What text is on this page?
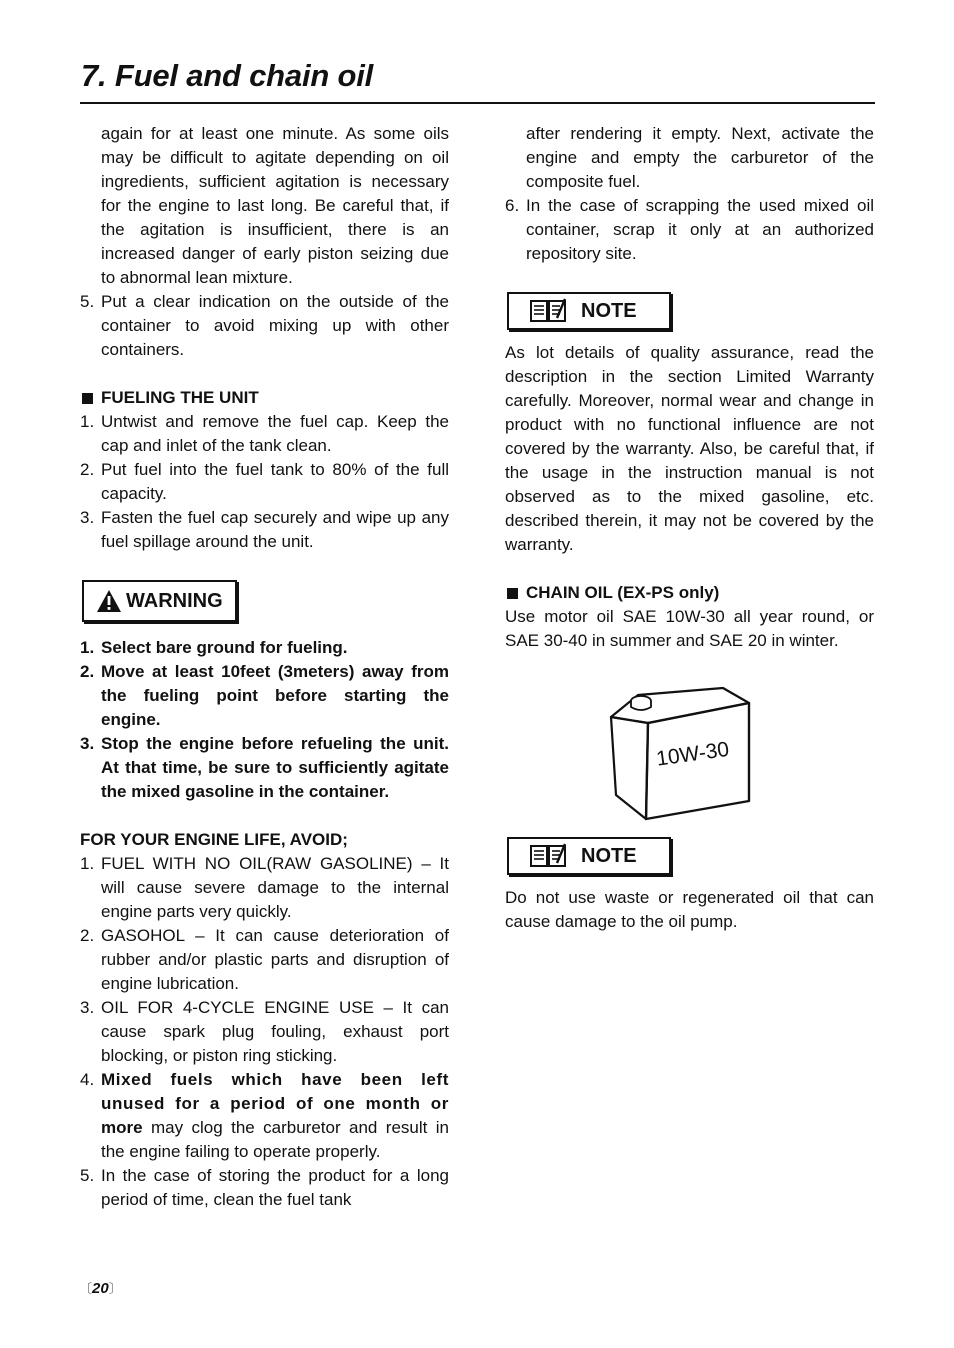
7. Fuel and chain oil

again for at least one minute. As some oils may be difficult to agitate depending on oil ingredients, sufficient agitation is necessary for the engine to last long. Be careful that, if the agitation is insufficient, there is an increased danger of early piston seizing due to abnormal lean mixture.

5. Put a clear indication on the outside of the container to avoid mixing up with other containers.
FUELING THE UNIT
1. Untwist and remove the fuel cap. Keep the cap and inlet of the tank clean.
2. Put fuel into the fuel tank to 80% of the full capacity.
3. Fasten the fuel cap securely and wipe up any fuel spillage around the unit.
WARNING
1. Select bare ground for fueling.
2. Move at least 10feet (3meters) away from the fueling point before starting the engine.
3. Stop the engine before refueling the unit. At that time, be sure to sufficiently agitate the mixed gasoline in the container.
FOR YOUR ENGINE LIFE, AVOID;
1. FUEL WITH NO OIL(RAW GASOLINE) – It will cause severe damage to the internal engine parts very quickly.
2. GASOHOL – It can cause deterioration of rubber and/or plastic parts and disruption of engine lubrication.
3. OIL FOR 4-CYCLE ENGINE USE – It can cause spark plug fouling, exhaust port blocking, or piston ring sticking.
4. Mixed fuels which have been left unused for a period of one month or more may clog the carburetor and result in the engine failing to operate properly.
5. In the case of storing the product for a long period of time, clean the fuel tank

after rendering it empty. Next, activate the engine and empty the carburetor of the composite fuel.

6. In the case of scrapping the used mixed oil container, scrap it only at an authorized repository site.
NOTE

As lot details of quality assurance, read the description in the section Limited Warranty carefully. Moreover, normal wear and change in product with no functional influence are not covered by the warranty. Also, be careful that, if the usage in the instruction manual is not observed as to the mixed gasoline, etc. described therein, it may not be covered by the warranty.

CHAIN OIL (EX-PS only)

Use motor oil SAE 10W-30 all year round, or SAE 30-40 in summer and SAE 20 in winter.

10W-30
NOTE

Do not use waste or regenerated oil that can cause damage to the oil pump.

〔20〕
